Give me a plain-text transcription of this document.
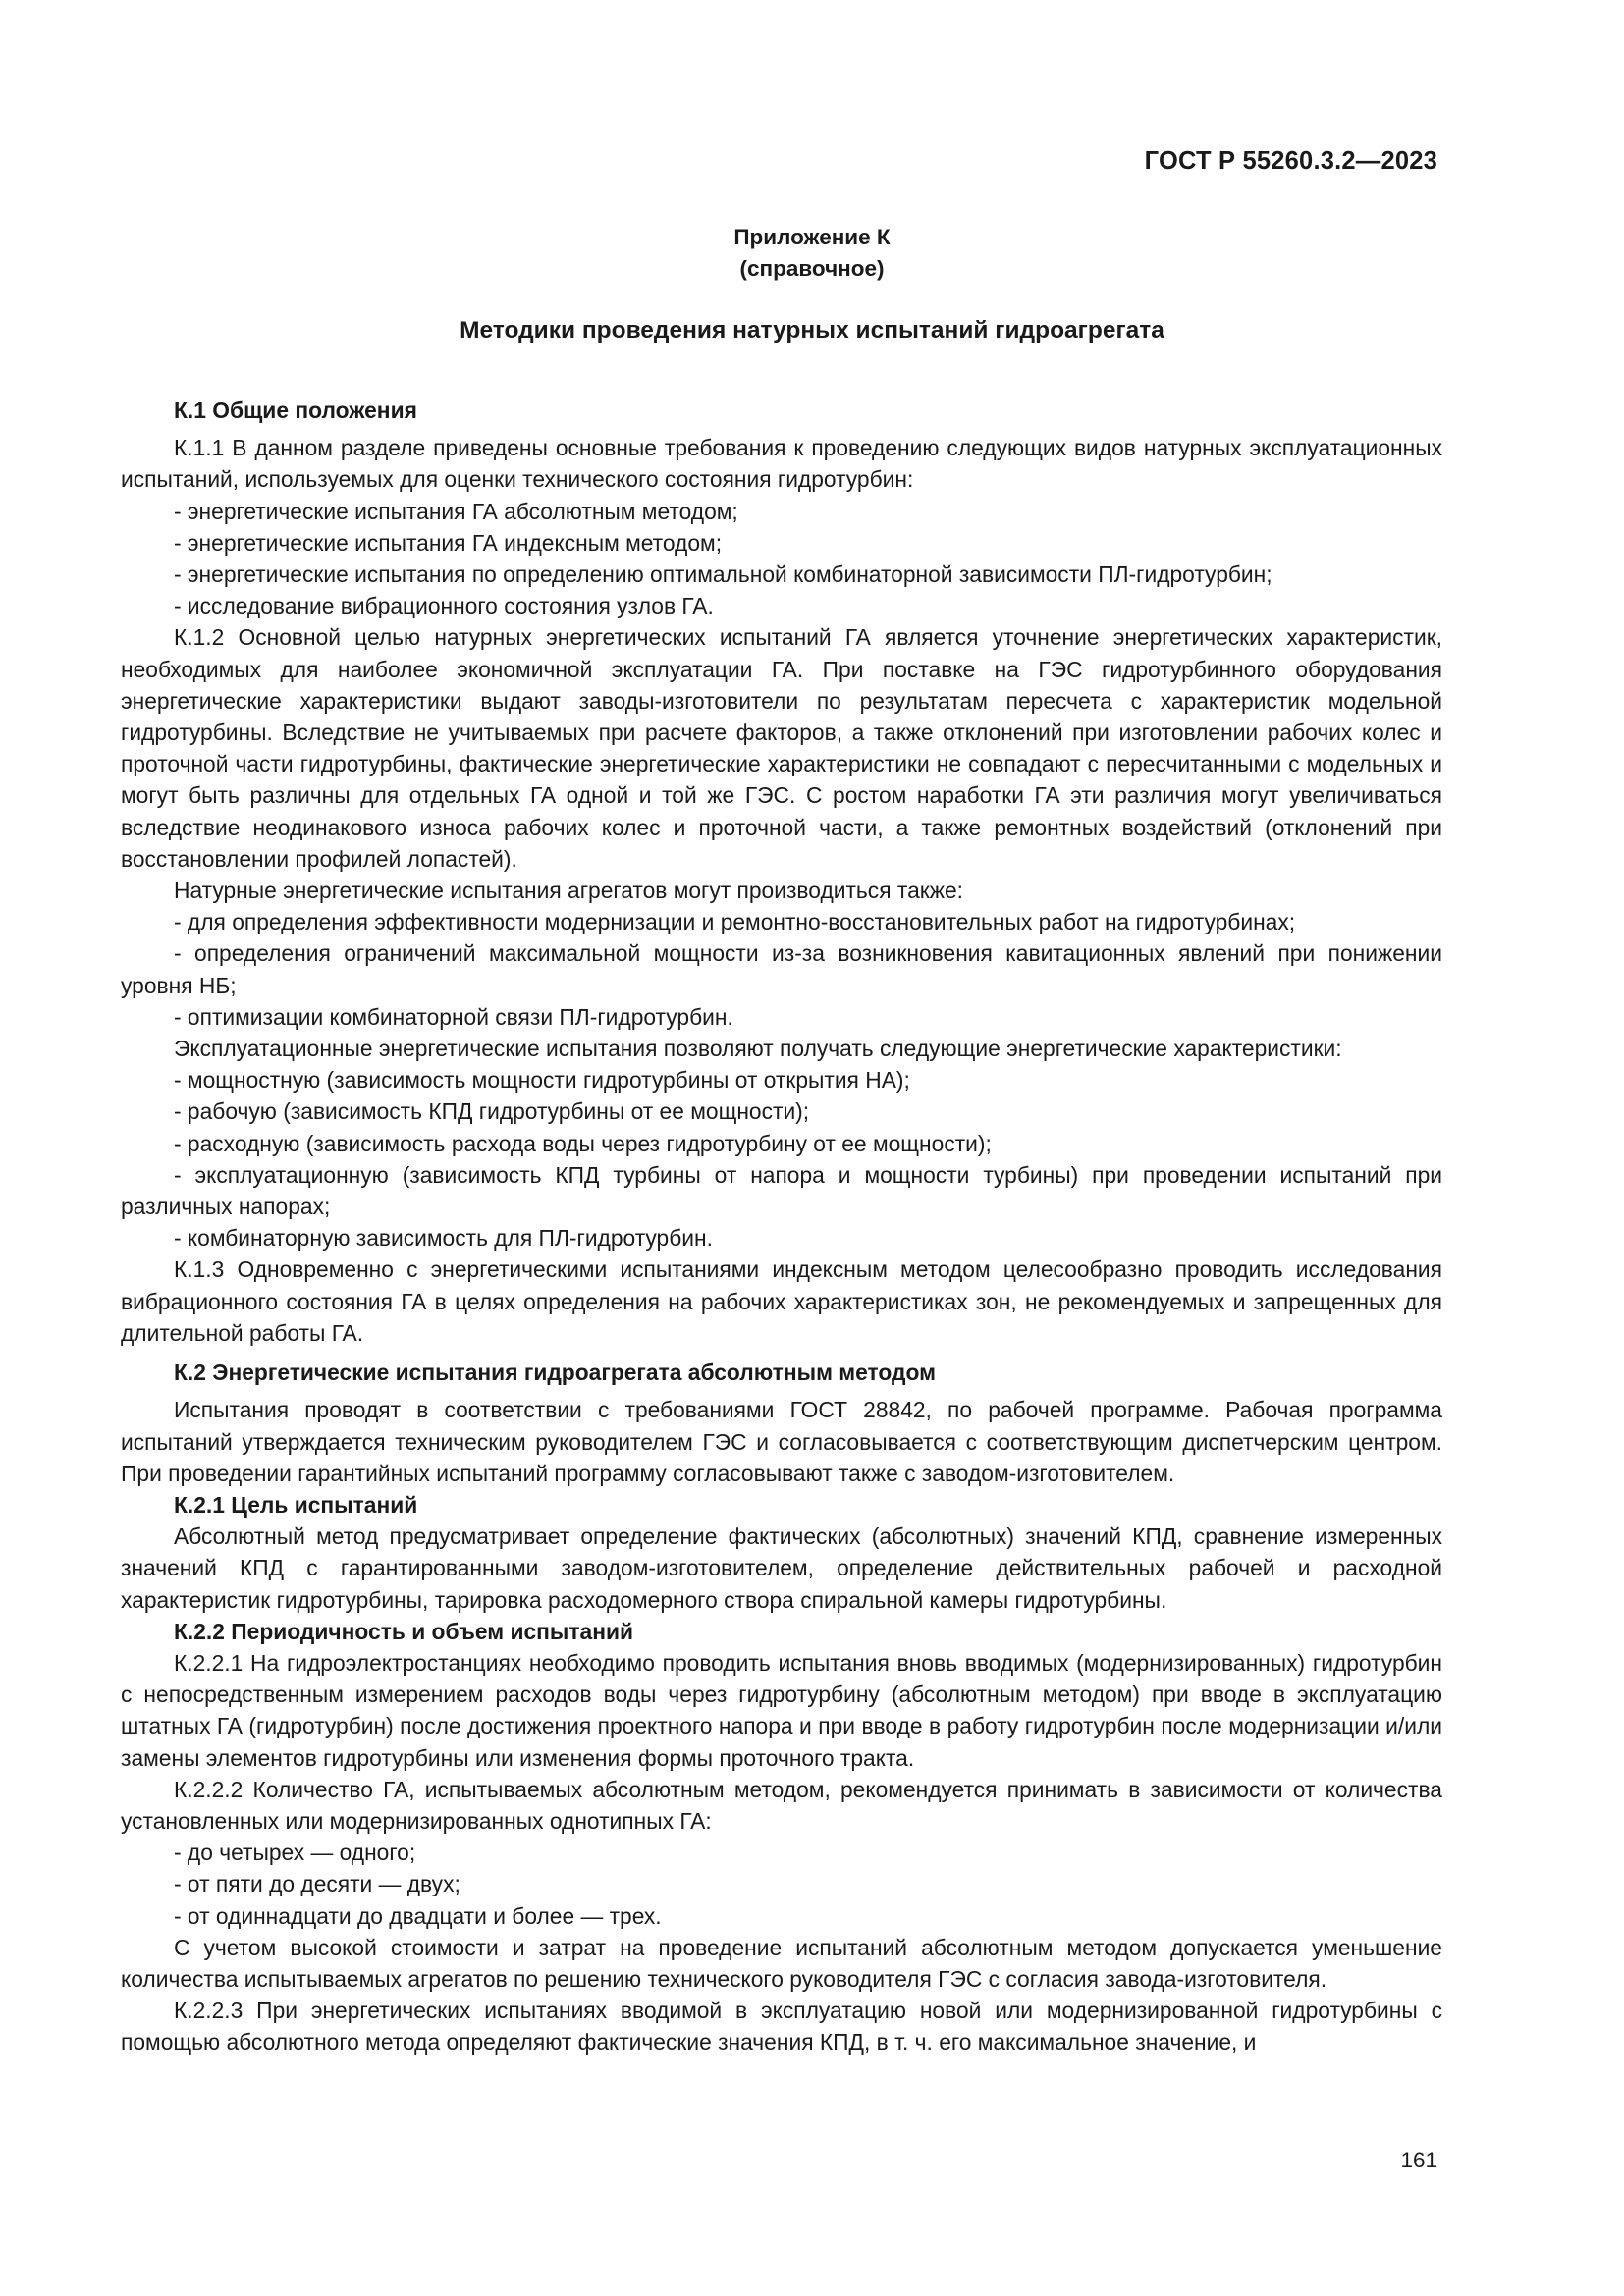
ГОСТ Р 55260.3.2—2023
Приложение К
(справочное)
Методики проведения натурных испытаний гидроагрегата
К.1 Общие положения

К.1.1 В данном разделе приведены основные требования к проведению следующих видов натурных эксплуатационных испытаний, используемых для оценки технического состояния гидротурбин:

- энергетические испытания ГА абсолютным методом;

- энергетические испытания ГА индексным методом;

- энергетические испытания по определению оптимальной комбинаторной зависимости ПЛ-гидротурбин;

- исследование вибрационного состояния узлов ГА.

К.1.2 Основной целью натурных энергетических испытаний ГА является уточнение энергетических характеристик, необходимых для наиболее экономичной эксплуатации ГА. При поставке на ГЭС гидротурбинного оборудования энергетические характеристики выдают заводы-изготовители по результатам пересчета с характеристик модельной гидротурбины. Вследствие не учитываемых при расчете факторов, а также отклонений при изготовлении рабочих колес и проточной части гидротурбины, фактические энергетические характеристики не совпадают с пересчитанными с модельных и могут быть различны для отдельных ГА одной и той же ГЭС. С ростом наработки ГА эти различия могут увеличиваться вследствие неодинакового износа рабочих колес и проточной части, а также ремонтных воздействий (отклонений при восстановлении профилей лопастей).

Натурные энергетические испытания агрегатов могут производиться также:

- для определения эффективности модернизации и ремонтно-восстановительных работ на гидротурбинах;

- определения ограничений максимальной мощности из-за возникновения кавитационных явлений при понижении уровня НБ;

- оптимизации комбинаторной связи ПЛ-гидротурбин.

Эксплуатационные энергетические испытания позволяют получать следующие энергетические характеристики:

- мощностную (зависимость мощности гидротурбины от открытия НА);

- рабочую (зависимость КПД гидротурбины от ее мощности);

- расходную (зависимость расхода воды через гидротурбину от ее мощности);

- эксплуатационную (зависимость КПД турбины от напора и мощности турбины) при проведении испытаний при различных напорах;

- комбинаторную зависимость для ПЛ-гидротурбин.

К.1.3 Одновременно с энергетическими испытаниями индексным методом целесообразно проводить исследования вибрационного состояния ГА в целях определения на рабочих характеристиках зон, не рекомендуемых и запрещенных для длительной работы ГА.

К.2 Энергетические испытания гидроагрегата абсолютным методом

Испытания проводят в соответствии с требованиями ГОСТ 28842, по рабочей программе. Рабочая программа испытаний утверждается техническим руководителем ГЭС и согласовывается с соответствующим диспетчерским центром. При проведении гарантийных испытаний программу согласовывают также с заводом-изготовителем.

К.2.1 Цель испытаний

Абсолютный метод предусматривает определение фактических (абсолютных) значений КПД, сравнение измеренных значений КПД с гарантированными заводом-изготовителем, определение действительных рабочей и расходной характеристик гидротурбины, тарировка расходомерного створа спиральной камеры гидротурбины.

К.2.2 Периодичность и объем испытаний

К.2.2.1 На гидроэлектростанциях необходимо проводить испытания вновь вводимых (модернизированных) гидротурбин с непосредственным измерением расходов воды через гидротурбину (абсолютным методом) при вводе в эксплуатацию штатных ГА (гидротурбин) после достижения проектного напора и при вводе в работу гидротурбин после модернизации и/или замены элементов гидротурбины или изменения формы проточного тракта.

К.2.2.2 Количество ГА, испытываемых абсолютным методом, рекомендуется принимать в зависимости от количества установленных или модернизированных однотипных ГА:

- до четырех — одного;

- от пяти до десяти — двух;

- от одиннадцати до двадцати и более — трех.

С учетом высокой стоимости и затрат на проведение испытаний абсолютным методом допускается уменьшение количества испытываемых агрегатов по решению технического руководителя ГЭС с согласия завода-изготовителя.

К.2.2.3 При энергетических испытаниях вводимой в эксплуатацию новой или модернизированной гидротурбины с помощью абсолютного метода определяют фактические значения КПД, в т. ч. его максимальное значение, и

161
